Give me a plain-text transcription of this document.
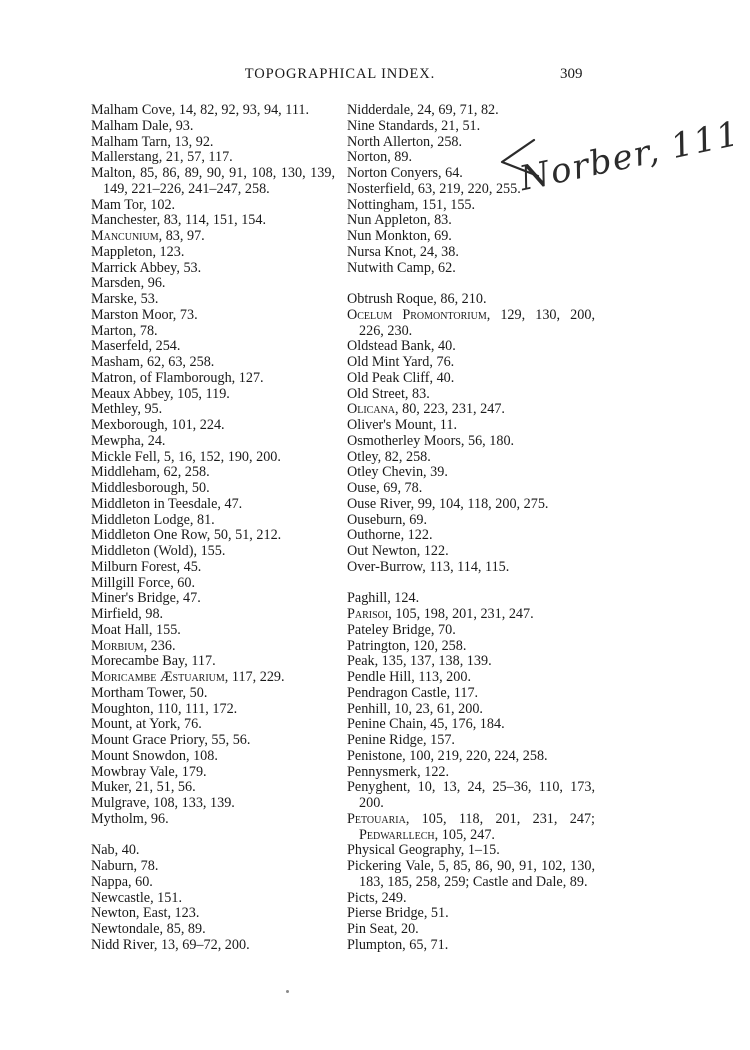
TOPOGRAPHICAL INDEX.	309
Malham Cove, 14, 82, 92, 93, 94, 111.
Malham Dale, 93.
Malham Tarn, 13, 92.
Mallerstang, 21, 57, 117.
Malton, 85, 86, 89, 90, 91, 108, 130, 139, 149, 221–226, 241–247, 258.
Mam Tor, 102.
Manchester, 83, 114, 151, 154.
Mancunium, 83, 97.
Mappleton, 123.
Marrick Abbey, 53.
Marsden, 96.
Marske, 53.
Marston Moor, 73.
Marton, 78.
Maserfeld, 254.
Masham, 62, 63, 258.
Matron, of Flamborough, 127.
Meaux Abbey, 105, 119.
Methley, 95.
Mexborough, 101, 224.
Mewpha, 24.
Mickle Fell, 5, 16, 152, 190, 200.
Middleham, 62, 258.
Middlesborough, 50.
Middleton in Teesdale, 47.
Middleton Lodge, 81.
Middleton One Row, 50, 51, 212.
Middleton (Wold), 155.
Milburn Forest, 45.
Millgill Force, 60.
Miner's Bridge, 47.
Mirfield, 98.
Moat Hall, 155.
Morbium, 236.
Morecambe Bay, 117.
Moricambe Æstuarium, 117, 229.
Mortham Tower, 50.
Moughton, 110, 111, 172.
Mount, at York, 76.
Mount Grace Priory, 55, 56.
Mount Snowdon, 108.
Mowbray Vale, 179.
Muker, 21, 51, 56.
Mulgrave, 108, 133, 139.
Mytholm, 96.
Nab, 40.
Naburn, 78.
Nappa, 60.
Newcastle, 151.
Newton, East, 123.
Newtondale, 85, 89.
Nidd River, 13, 69–72, 200.
Nidderdale, 24, 69, 71, 82.
Nine Standards, 21, 51.
North Allerton, 258.
Norton, 89.
Norton Conyers, 64.
Nosterfield, 63, 219, 220, 255.
Nottingham, 151, 155.
Nun Appleton, 83.
Nun Monkton, 69.
Nursa Knot, 24, 38.
Nutwith Camp, 62.
Obtrush Roque, 86, 210.
Ocelum Promontorium, 129, 130, 200, 226, 230.
Oldstead Bank, 40.
Old Mint Yard, 76.
Old Peak Cliff, 40.
Old Street, 83.
Olicana, 80, 223, 231, 247.
Oliver's Mount, 11.
Osmotherley Moors, 56, 180.
Otley, 82, 258.
Otley Chevin, 39.
Ouse, 69, 78.
Ouse River, 99, 104, 118, 200, 275.
Ouseburn, 69.
Outhorne, 122.
Out Newton, 122.
Over-Burrow, 113, 114, 115.
Paghill, 124.
Parisoi, 105, 198, 201, 231, 247.
Pateley Bridge, 70.
Patrington, 120, 258.
Peak, 135, 137, 138, 139.
Pendle Hill, 113, 200.
Pendragon Castle, 117.
Penhill, 10, 23, 61, 200.
Penine Chain, 45, 176, 184.
Penine Ridge, 157.
Penistone, 100, 219, 220, 224, 258.
Pennysmerk, 122.
Penyghent, 10, 13, 24, 25–36, 110, 173, 200.
Petouaria, 105, 118, 201, 231, 247; Pedwarllech, 105, 247.
Physical Geography, 1–15.
Pickering Vale, 5, 85, 86, 90, 91, 102, 130, 183, 185, 258, 259; Castle and Dale, 89.
Picts, 249.
Pierse Bridge, 51.
Pin Seat, 20.
Plumpton, 65, 71.
Norber, 111
